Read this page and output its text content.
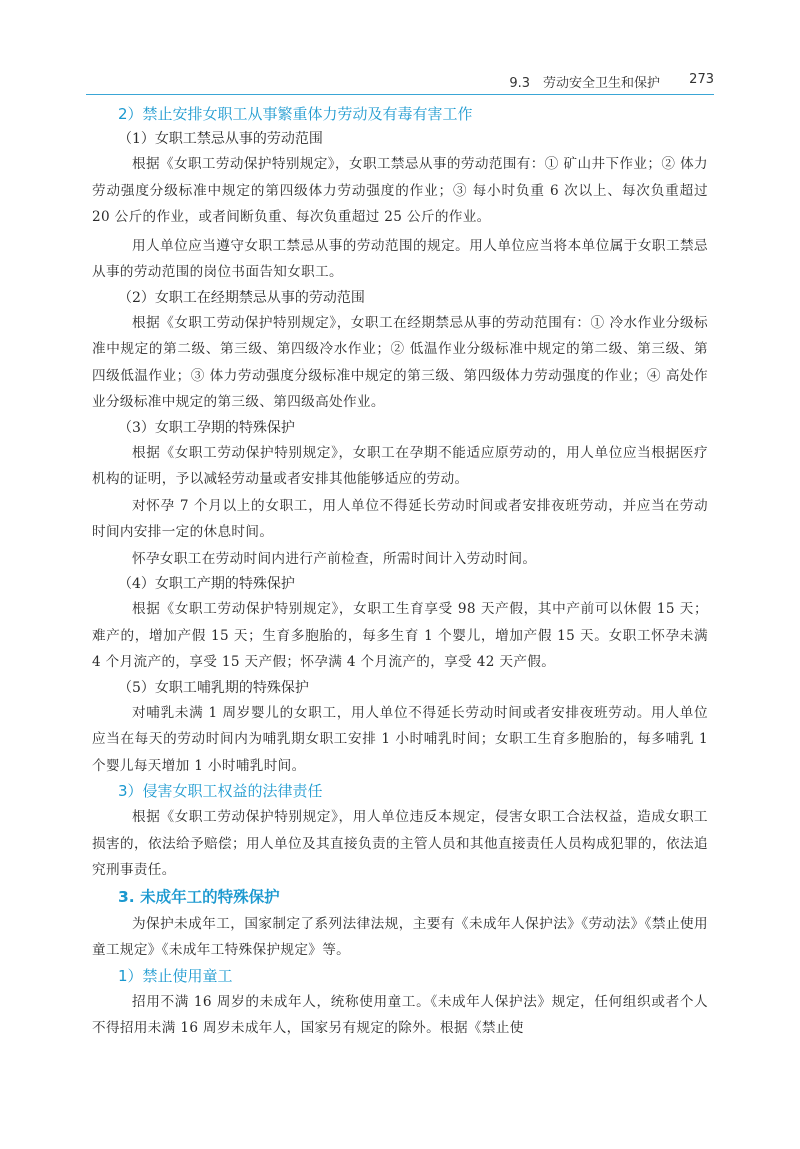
9.3　劳动安全卫生和保护 273
2）禁止安排女职工从事繁重体力劳动及有毒有害工作
（1）女职工禁忌从事的劳动范围

根据《女职工劳动保护特别规定》，女职工禁忌从事的劳动范围有：① 矿山井下作业；② 体力劳动强度分级标准中规定的第四级体力劳动强度的作业；③ 每小时负重 6 次以上、每次负重超过 20 公斤的作业，或者间断负重、每次负重超过 25 公斤的作业。

用人单位应当遵守女职工禁忌从事的劳动范围的规定。用人单位应当将本单位属于女职工禁忌从事的劳动范围的岗位书面告知女职工。

（2）女职工在经期禁忌从事的劳动范围

根据《女职工劳动保护特别规定》，女职工在经期禁忌从事的劳动范围有：① 冷水作业分级标准中规定的第二级、第三级、第四级冷水作业；② 低温作业分级标准中规定的第二级、第三级、第四级低温作业；③ 体力劳动强度分级标准中规定的第三级、第四级体力劳动强度的作业；④ 高处作业分级标准中规定的第三级、第四级高处作业。

（3）女职工孕期的特殊保护

根据《女职工劳动保护特别规定》，女职工在孕期不能适应原劳动的，用人单位应当根据医疗机构的证明，予以减轻劳动量或者安排其他能够适应的劳动。

对怀孕 7 个月以上的女职工，用人单位不得延长劳动时间或者安排夜班劳动，并应当在劳动时间内安排一定的休息时间。

怀孕女职工在劳动时间内进行产前检查，所需时间计入劳动时间。

（4）女职工产期的特殊保护

根据《女职工劳动保护特别规定》，女职工生育享受 98 天产假，其中产前可以休假 15 天；难产的，增加产假 15 天；生育多胞胎的，每多生育 1 个婴儿，增加产假 15 天。女职工怀孕未满 4 个月流产的，享受 15 天产假；怀孕满 4 个月流产的，享受 42 天产假。

（5）女职工哺乳期的特殊保护

对哺乳未满 1 周岁婴儿的女职工，用人单位不得延长劳动时间或者安排夜班劳动。用人单位应当在每天的劳动时间内为哺乳期女职工安排 1 小时哺乳时间；女职工生育多胞胎的，每多哺乳 1 个婴儿每天增加 1 小时哺乳时间。

3）侵害女职工权益的法律责任

根据《女职工劳动保护特别规定》，用人单位违反本规定，侵害女职工合法权益，造成女职工损害的，依法给予赔偿；用人单位及其直接负责的主管人员和其他直接责任人员构成犯罪的，依法追究刑事责任。

3. 未成年工的特殊保护

为保护未成年工，国家制定了系列法律法规，主要有《未成年人保护法》《劳动法》《禁止使用童工规定》《未成年工特殊保护规定》等。

1）禁止使用童工

招用不满 16 周岁的未成年人，统称使用童工。《未成年人保护法》规定，任何组织或者个人不得招用未满 16 周岁未成年人，国家另有规定的除外。根据《禁止使
